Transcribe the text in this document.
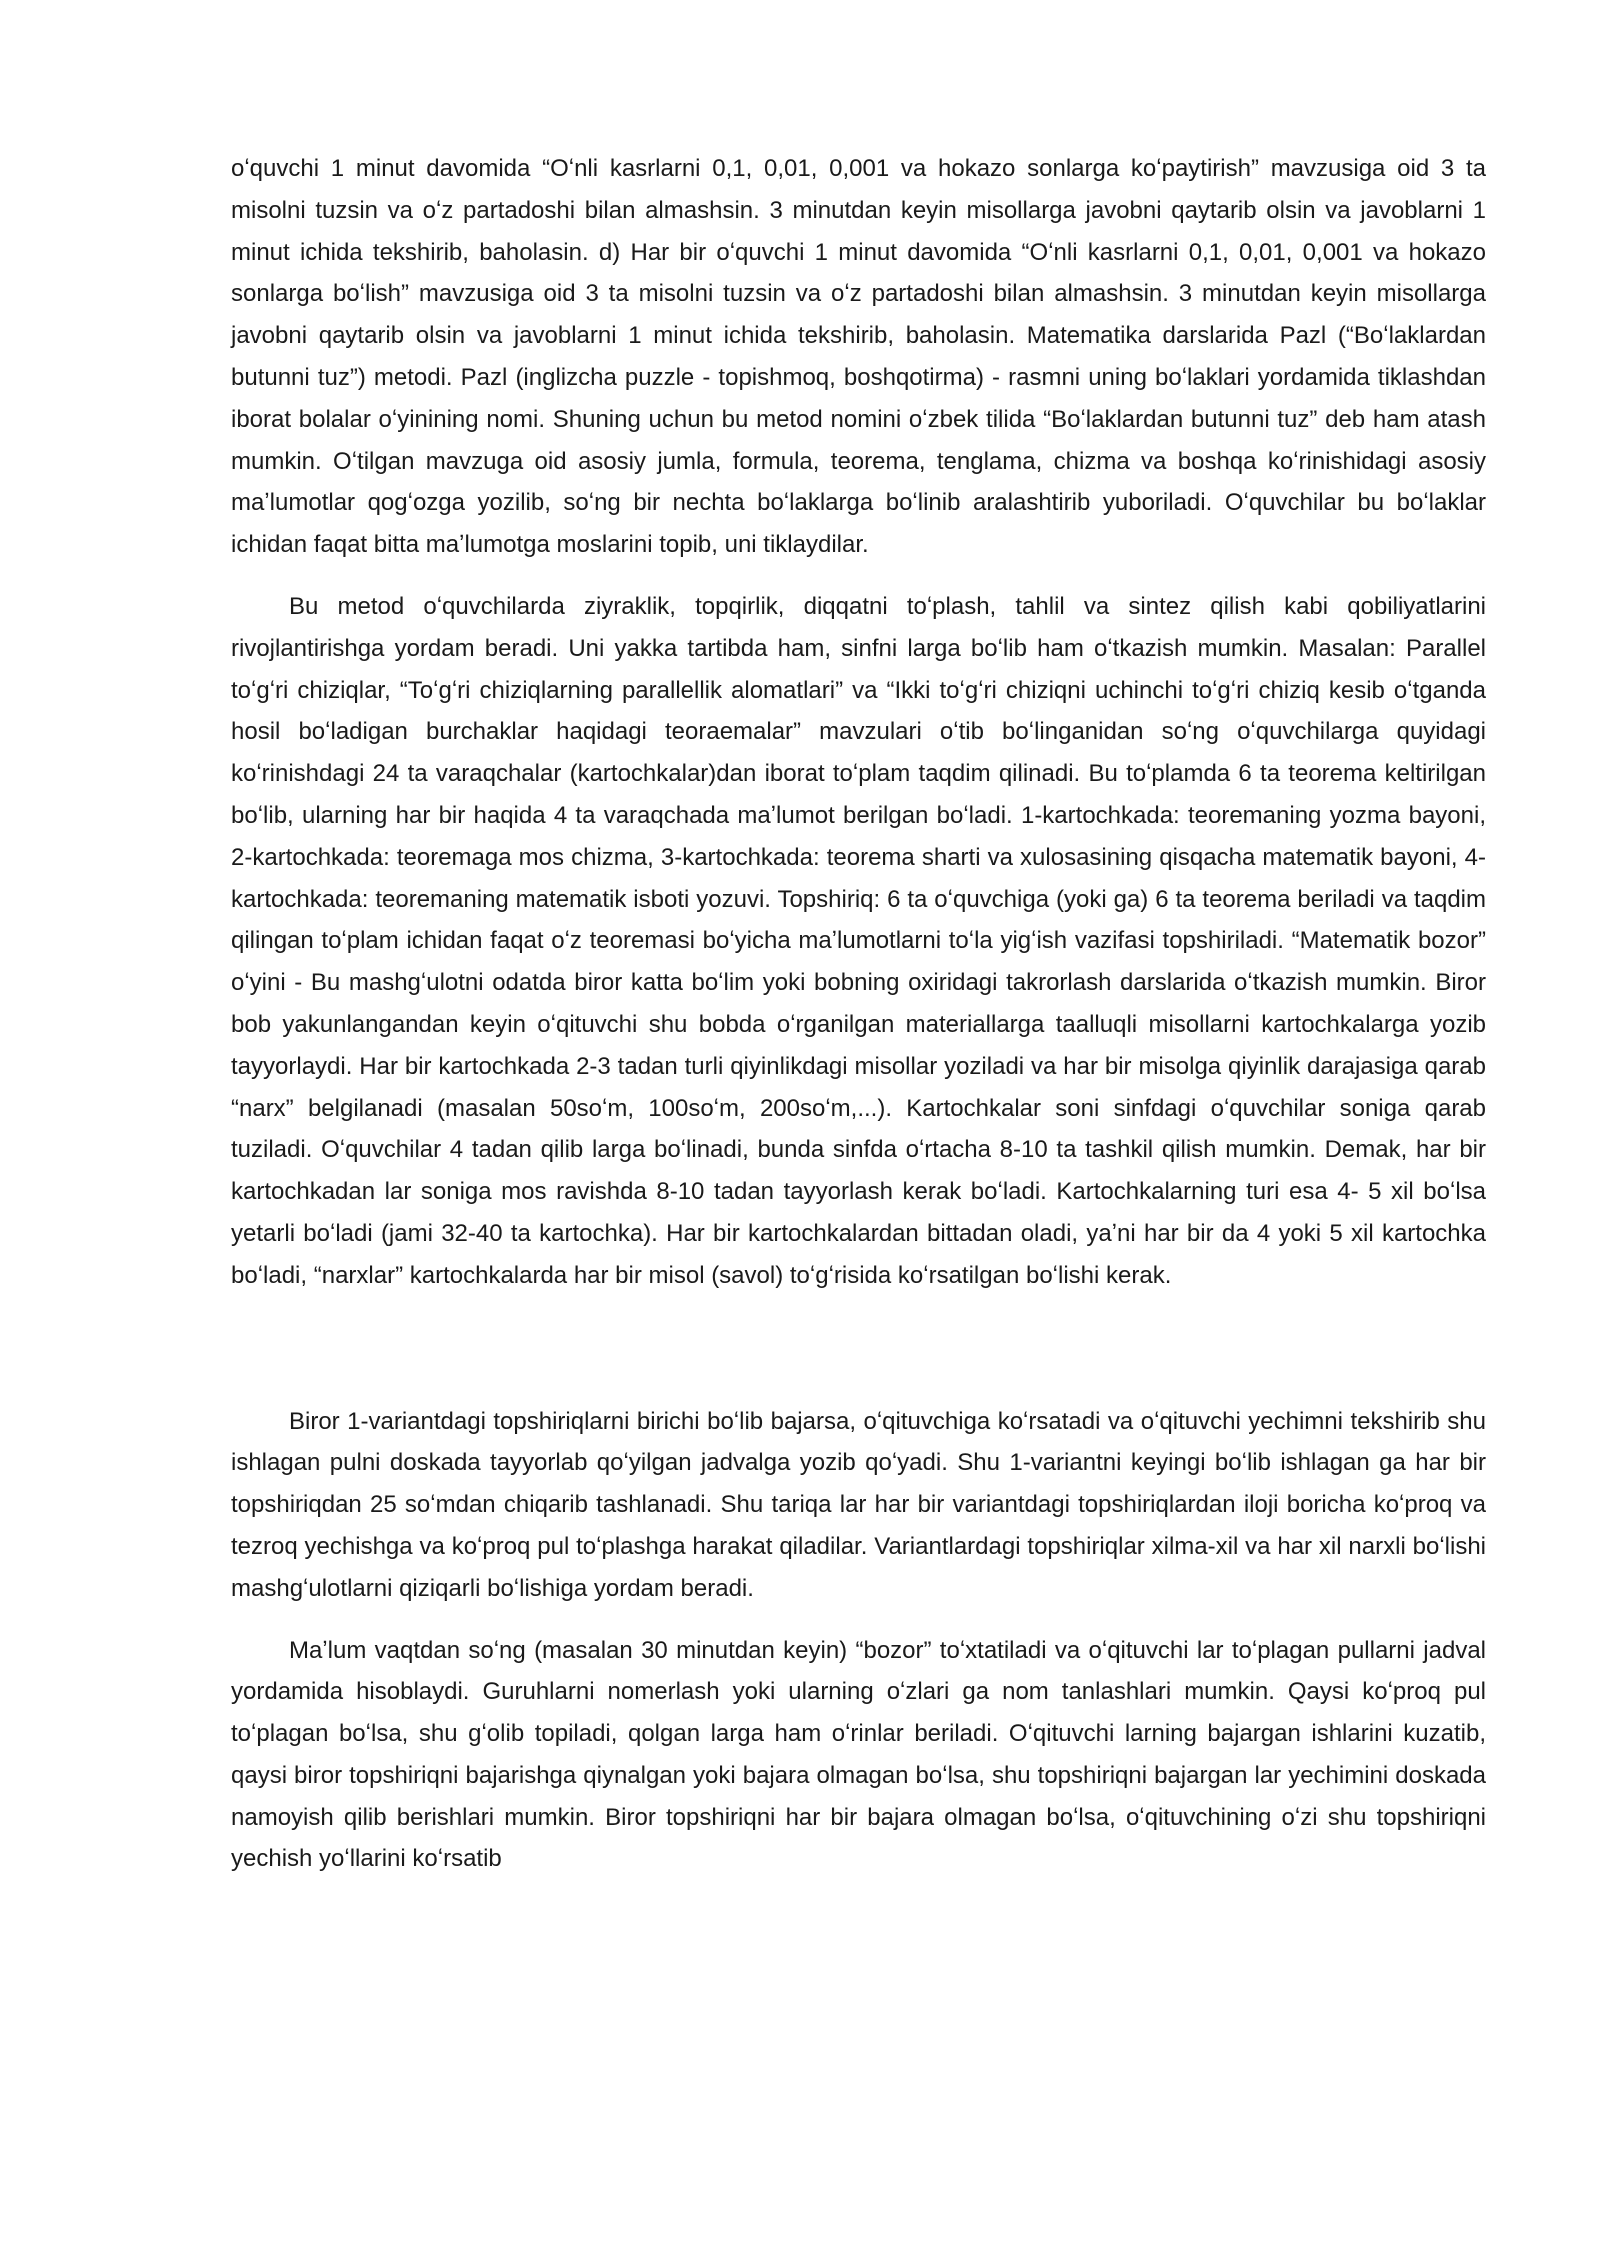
oʻquvchi 1 minut davomida “Oʻnli kasrlarni 0,1, 0,01, 0,001 va hokazo sonlarga koʻpaytirish” mavzusiga oid 3 ta misolni tuzsin va oʻz partadoshi bilan almashsin. 3 minutdan keyin misollarga javobni qaytarib olsin va javoblarni 1 minut ichida tekshirib, baholasin. d) Har bir oʻquvchi 1 minut davomida “Oʻnli kasrlarni 0,1, 0,01, 0,001 va hokazo sonlarga boʻlish” mavzusiga oid 3 ta misolni tuzsin va oʻz partadoshi bilan almashsin. 3 minutdan keyin misollarga javobni qaytarib olsin va javoblarni 1 minut ichida tekshirib, baholasin. Matematika darslarida Pazl (“Boʻlaklardan butunni tuz”) metodi. Pazl (inglizcha puzzle - topishmoq, boshqotirma) - rasmni uning boʻlaklari yordamida tiklashdan iborat bolalar oʻyinining nomi. Shuning uchun bu metod nomini oʻzbek tilida “Boʻlaklardan butunni tuz” deb ham atash mumkin. Oʻtilgan mavzuga oid asosiy jumla, formula, teorema, tenglama, chizma va boshqa koʻrinishidagi asosiy maʼlumotlar qogʻozga yozilib, soʻng bir nechta boʻlaklarga boʻlinib aralashtirib yuboriladi. Oʻquvchilar bu boʻlaklar ichidan faqat bitta maʼlumotga moslarini topib, uni tiklaydilar.

Bu metod oʻquvchilarda ziyraklik, topqirlik, diqqatni toʻplash, tahlil va sintez qilish kabi qobiliyatlarini rivojlantirishga yordam beradi. Uni yakka tartibda ham, sinfni larga boʻlib ham oʻtkazish mumkin. Masalan: Parallel toʻgʻri chiziqlar, “Toʻgʻri chiziqlarning parallellik alomatlari” va “Ikki toʻgʻri chiziqni uchinchi toʻgʻri chiziq kesib oʻtganda hosil boʻladigan burchaklar haqidagi teoraemalar” mavzulari oʻtib boʻlinganidan soʻng oʻquvchilarga quyidagi koʻrinishdagi 24 ta varaqchalar (kartochkalar)dan iborat toʻplam taqdim qilinadi. Bu toʻplamda 6 ta teorema keltirilgan boʻlib, ularning har bir haqida 4 ta varaqchada maʼlumot berilgan boʻladi. 1-kartochkada: teoremaning yozma bayoni, 2-kartochkada: teoremaga mos chizma, 3-kartochkada: teorema sharti va xulosasining qisqacha matematik bayoni, 4-kartochkada: teoremaning matematik isboti yozuvi. Topshiriq: 6 ta oʻquvchiga (yoki ga) 6 ta teorema beriladi va taqdim qilingan toʻplam ichidan faqat oʻz teoremasi boʻyicha maʼlumotlarni toʻla yigʻish vazifasi topshiriladi. “Matematik bozor” oʻyini - Bu mashgʻulotni odatda biror katta boʻlim yoki bobning oxiridagi takrorlash darslarida oʻtkazish mumkin. Biror bob yakunlangandan keyin oʻqituvchi shu bobda oʻrganilgan materiallarga taalluqli misollarni kartochkalarga yozib tayyorlaydi. Har bir kartochkada 2-3 tadan turli qiyinlikdagi misollar yoziladi va har bir misolga qiyinlik darajasiga qarab “narx” belgilanadi (masalan 50soʻm, 100soʻm, 200soʻm,...). Kartochkalar soni sinfdagi oʻquvchilar soniga qarab tuziladi. Oʻquvchilar 4 tadan qilib larga boʻlinadi, bunda sinfda oʻrtacha 8-10 ta tashkil qilish mumkin. Demak, har bir kartochkadan lar soniga mos ravishda 8-10 tadan tayyorlash kerak boʻladi. Kartochkalarning turi esa 4- 5 xil boʻlsa yetarli boʻladi (jami 32-40 ta kartochka). Har bir kartochkalardan bittadan oladi, yaʼni har bir da 4 yoki 5 xil kartochka boʻladi, “narxlar” kartochkalarda har bir misol (savol) toʻgʻrisida koʻrsatilgan boʻlishi kerak.

Biror 1-variantdagi topshiriqlarni birichi boʻlib bajarsa, oʻqituvchiga koʻrsatadi va oʻqituvchi yechimni tekshirib shu ishlagan pulni doskada tayyorlab qoʻyilgan jadvalga yozib qoʻyadi. Shu 1-variantni keyingi boʻlib ishlagan ga har bir topshiriqdan 25 soʻmdan chiqarib tashlanadi. Shu tariqa lar har bir variantdagi topshiriqlardan iloji boricha koʻproq va tezroq yechishga va koʻproq pul toʻplashga harakat qiladilar. Variantlardagi topshiriqlar xilma-xil va har xil narxli boʻlishi mashgʻulotlarni qiziqarli boʻlishiga yordam beradi.

Maʼlum vaqtdan soʻng (masalan 30 minutdan keyin) “bozor” toʻxtatiladi va oʻqituvchi lar toʻplagan pullarni jadval yordamida hisoblaydi. Guruhlarni nomerlash yoki ularning oʻzlari ga nom tanlashlari mumkin. Qaysi koʻproq pul toʻplagan boʻlsa, shu gʻolib topiladi, qolgan larga ham oʻrinlar beriladi. Oʻqituvchi larning bajargan ishlarini kuzatib, qaysi biror topshiriqni bajarishga qiynalgan yoki bajara olmagan boʻlsa, shu topshiriqni bajargan lar yechimini doskada namoyish qilib berishlari mumkin. Biror topshiriqni har bir bajara olmagan boʻlsa, oʻqituvchining oʻzi shu topshiriqni yechish yoʻllarini koʻrsatib
